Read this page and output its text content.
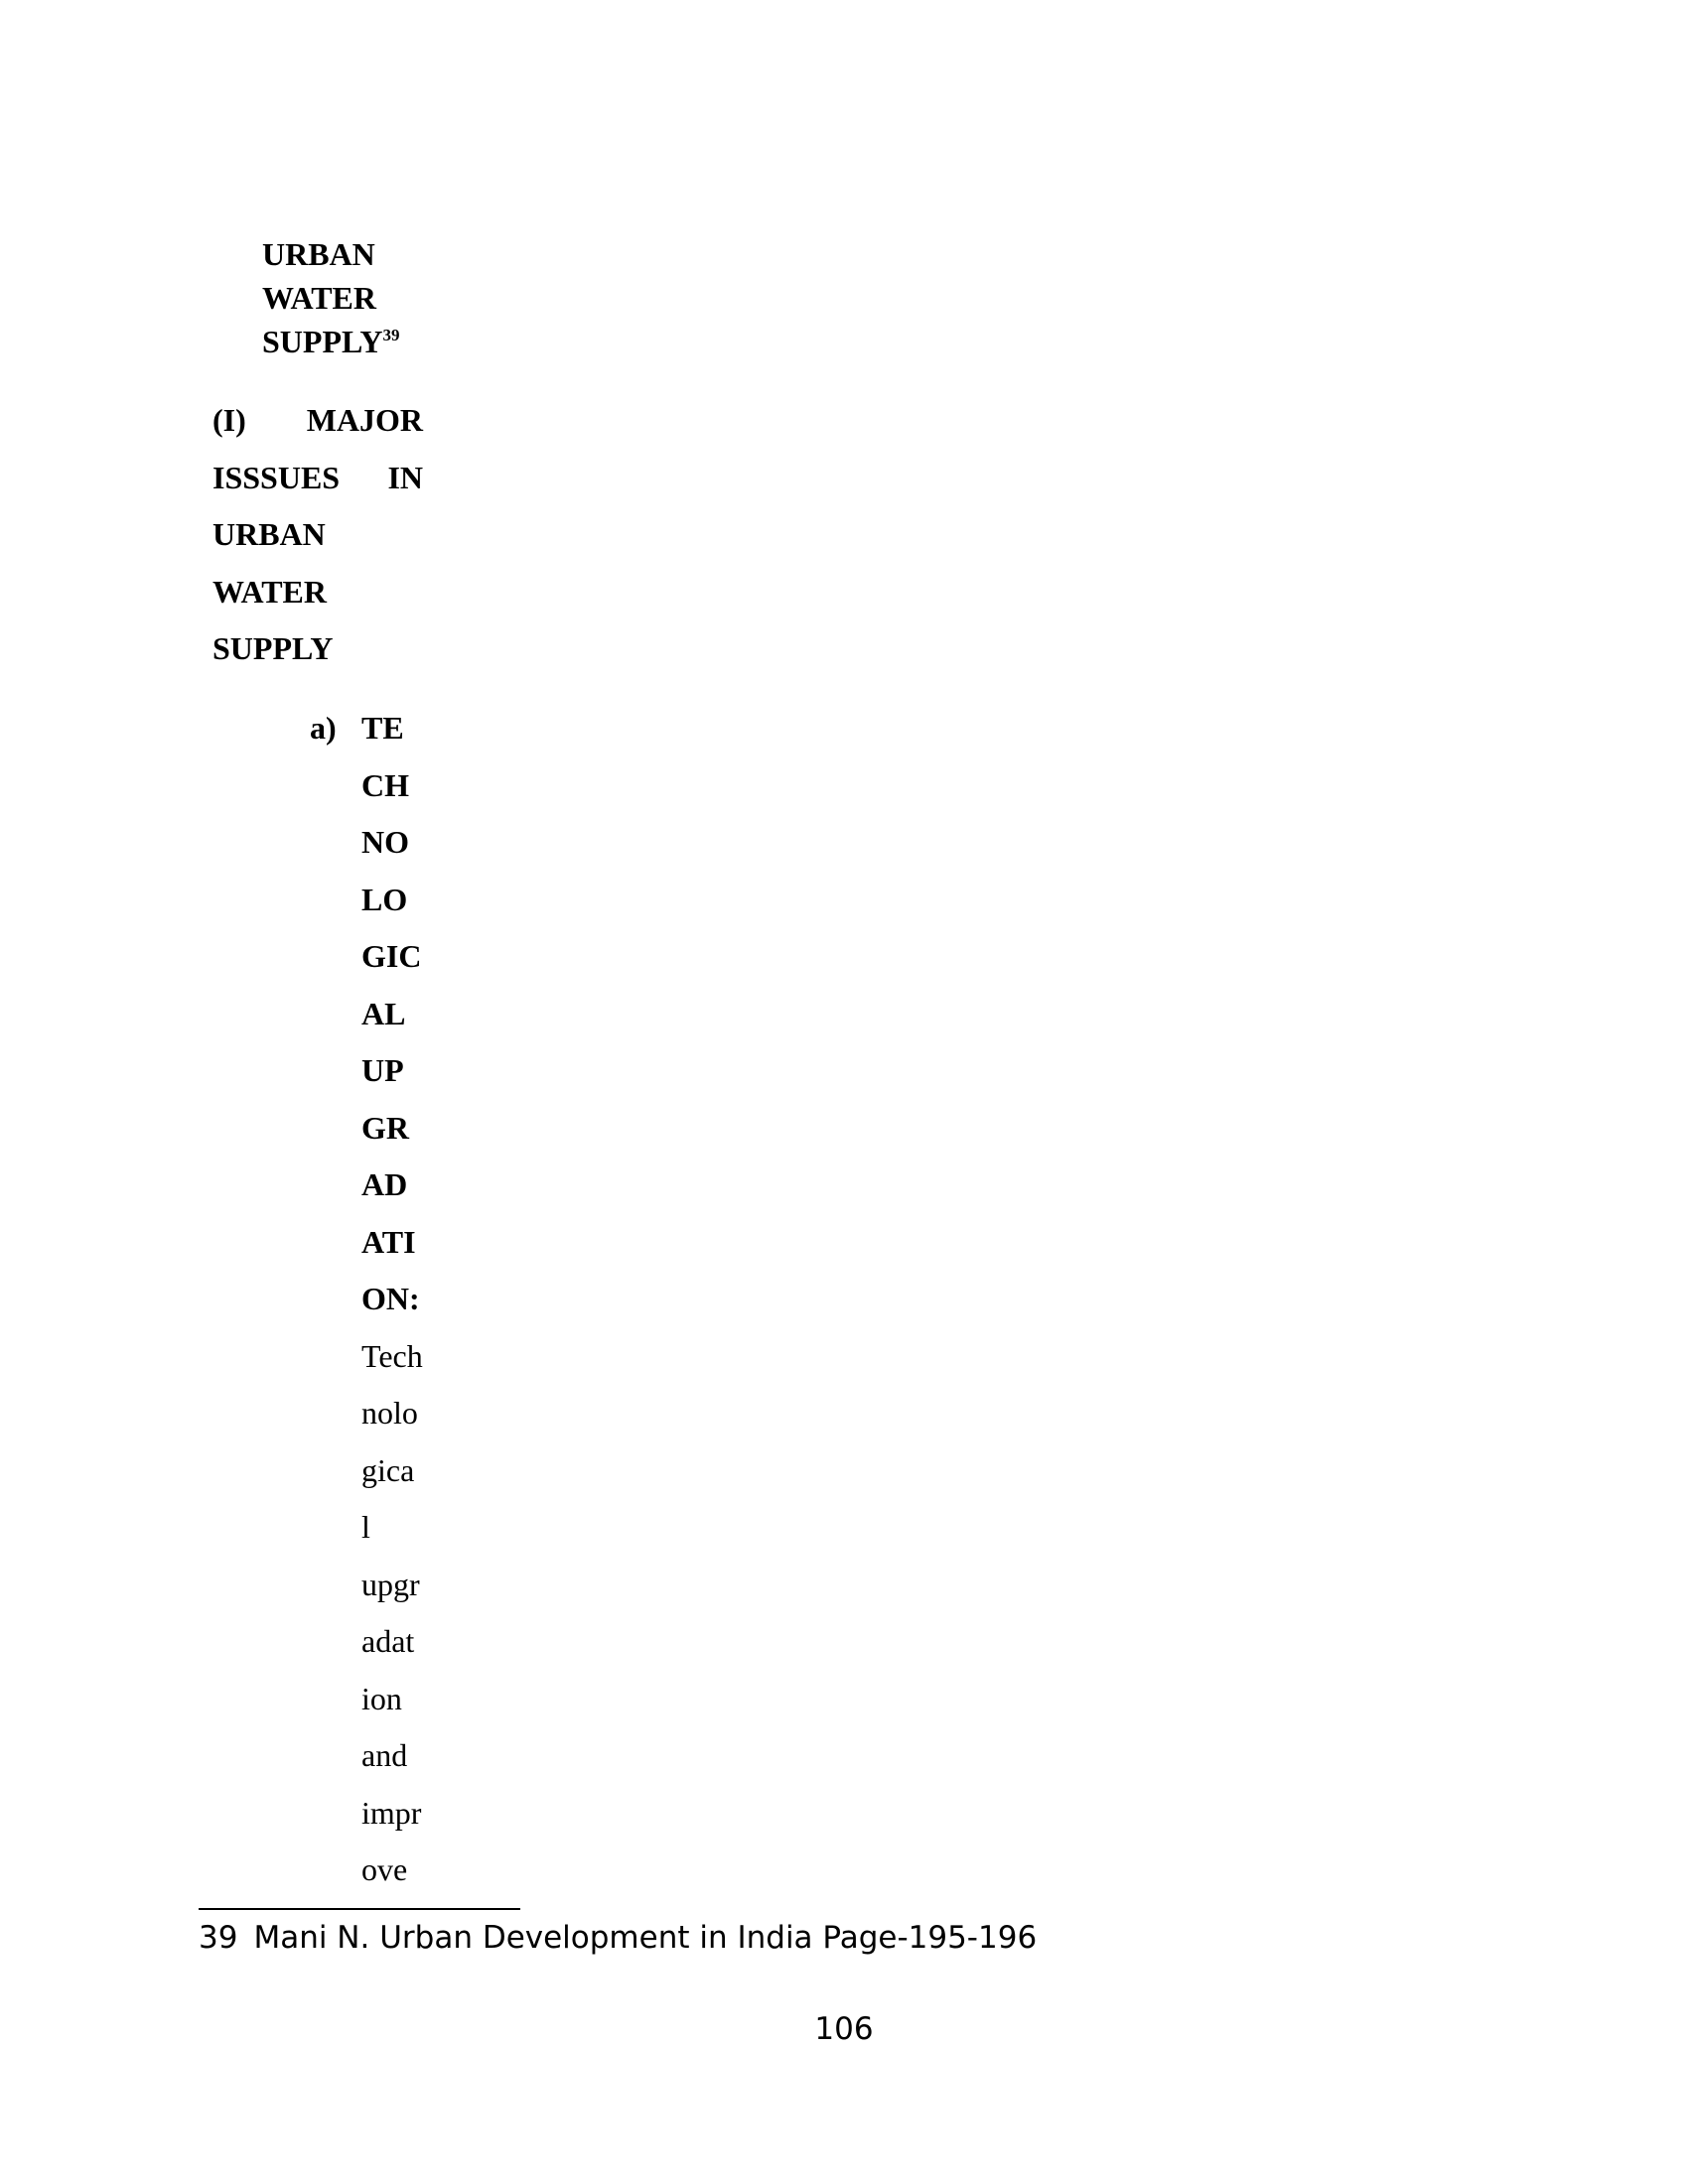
URBAN
WATER
SUPPLY$^{39}$
(I) MAJOR
ISSSUES IN
URBAN
WATER
SUPPLY
a) TE
CH
NO
LO
GIC
AL
UP
GR
AD
ATI
ON:
Tech
nolo
gica
l
upgr
adat
ion
and
impr
ove
39 Mani N. Urban Development in India Page-195-196
106
